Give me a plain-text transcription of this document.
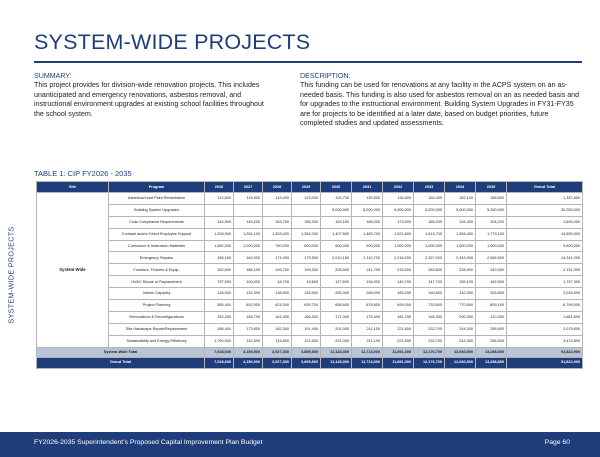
SYSTEM-WIDE PROJECTS
SYSTEM-WIDE PROJECTS
SUMMARY:
This project provides for division-wide renovation projects. This includes unanticipated and emergency renovations, asbestos removal, and instructional environment upgrades at existing school facilities throughout the school system.
DESCRIPTION:
This funding can be used for renovations at any facility in the ACPS system on an as-needed basis. This funding is also used for asbestos removal on an as needed basis and for upgrades to the instructional environment. Building System Upgrades in FY31-FY35 are for projects to be identified at a later date, based on budget priorities, future completed studies and updated assessments.
TABLE 1: CIP FY2026 - 2035
Site	Program	2026	2027	2028	2029	2030	2031	2032	2033	2034	2035	Grand Total
System-Wide	Asbestos/Lead Paint Remediation	112,600	115,900	119,400	123,000	126,700	130,500	134,400	154,400	162,100	158,600	1,337,600
	Building System Upgrades					5,000,000	5,000,000	5,000,000	5,000,000	5,000,000	5,250,000	30,250,000
	Code Compliance Requirements	144,900	149,200	153,700	158,300	163,100	168,000	173,000	185,200	194,400	204,200	1,694,000
	Contract and/or Direct Employee Support	1,208,900	1,254,100	1,303,400	1,354,000	1,407,600	1,463,700	1,521,600	1,613,700	1,694,400	1,779,100	14,599,300
	Curriculum & Instruction Materials	1,650,000	1,000,000	750,000	600,000	600,000	900,000	1,000,000	1,000,000	1,000,000	1,000,000	9,600,000
	Emergency Repairs	155,150	162,000	171,000	179,500	2,010,150	2,110,700	2,216,200	2,327,000	2,443,300	2,565,500	14,341,200
	Furniture, Fixtures & Equip.	162,600	186,100	193,700	199,300	205,500	211,700	218,000	283,600	228,900	240,300	2,131,900
	HVAC Repair or Replacement	797,500	100,000	16,700	19,600	127,600	134,000	140,700	147,700	155,100	162,900	1,797,300
	Interim Capacity	126,000	132,300	138,900	145,900	255,300	268,000	183,200	160,600	310,300	325,800	2,016,500
	Project Planning	585,400	602,900	621,000	639,700	658,600	678,600	699,000	733,900	770,600	809,100	6,799,000
	Renovations & Reconfigurations	152,200	156,700	161,400	166,300	171,300	176,400	181,700	165,300	200,300	210,300	1,681,600
	Site Hardscape Repair/Replacement	186,400	173,600	182,300	191,400	201,000	211,100	221,600	232,700	244,300	256,500	2,079,800
	Sustainability and Energy Efficiency	1,790,000	110,300	115,800	121,600	201,000	211,100	221,600	232,700	244,300	256,500	3,474,800
System-Wide Total		7,028,600	4,150,900	3,927,300	3,899,500	11,128,300	11,713,000	11,891,000	12,176,700	12,940,500	13,288,800	91,822,900
Grand Total		7,028,600	4,150,900	3,927,300	3,899,500	11,128,300	11,713,000	11,891,000	12,176,700	12,940,500	13,288,800	91,822,900
FY2026-2035 Superintendent’s Proposed Capital Improvement Plan Budget	Page 60
